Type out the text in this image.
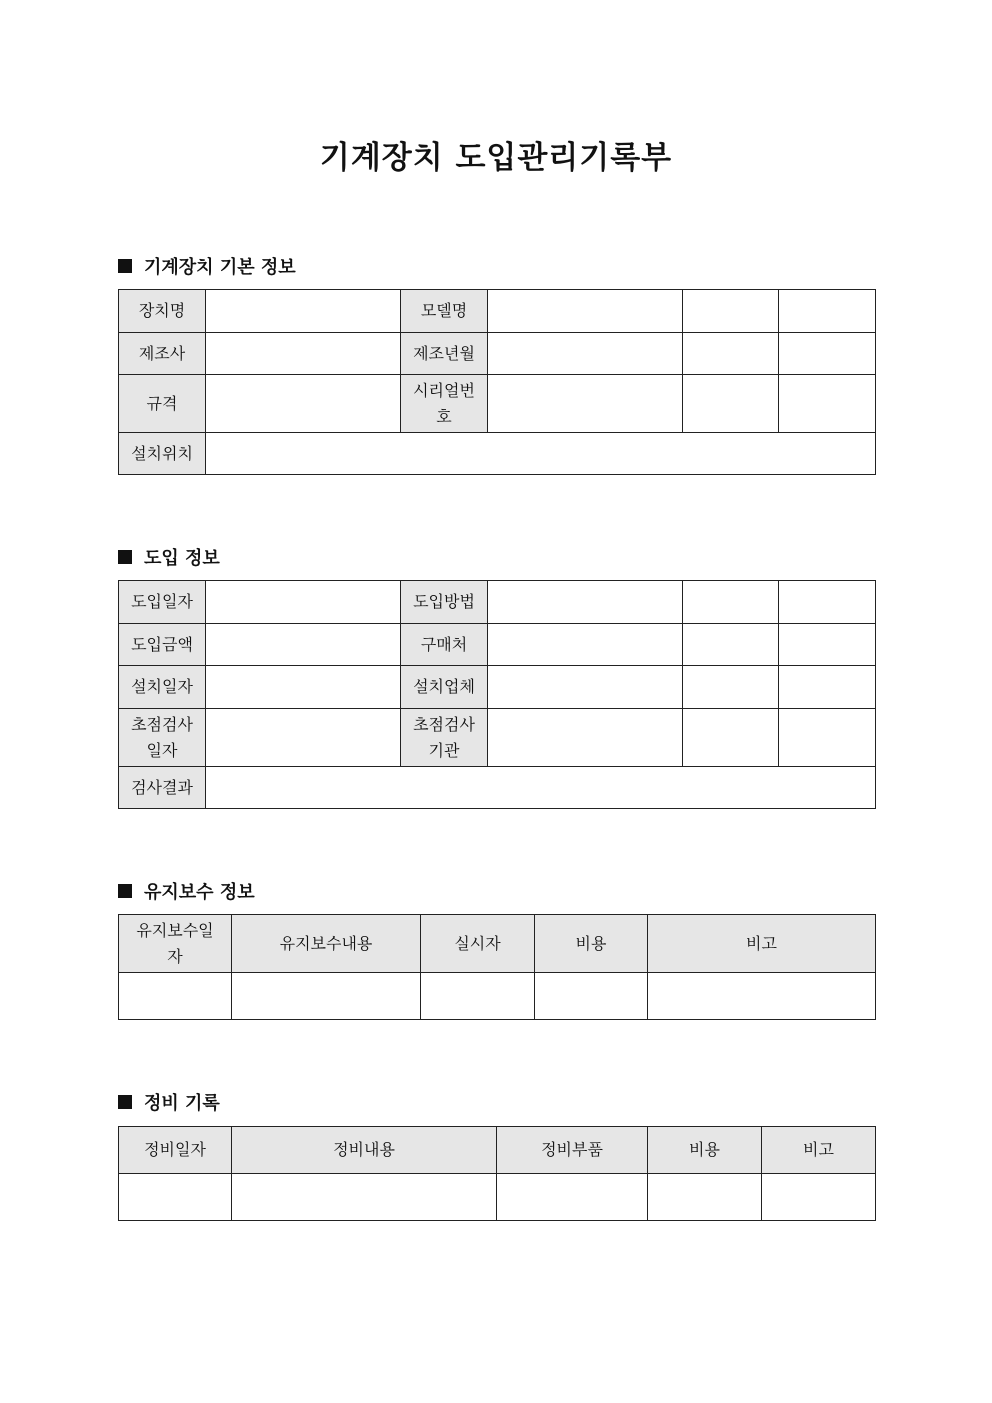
기계장치 도입관리기록부
기계장치 기본 정보
장치명		모델명			
제조사		제조년월			
규격		시리얼번호			
설치위치					
도입 정보
도입일자		도입방법			
도입금액		구매처			
설치일자		설치업체			
초점검사일자		초점검사기관			
검사결과					
유지보수 정보
유지보수일자	유지보수내용	실시자	비용	비고

정비 기록
정비일자	정비내용	정비부품	비용	비고
